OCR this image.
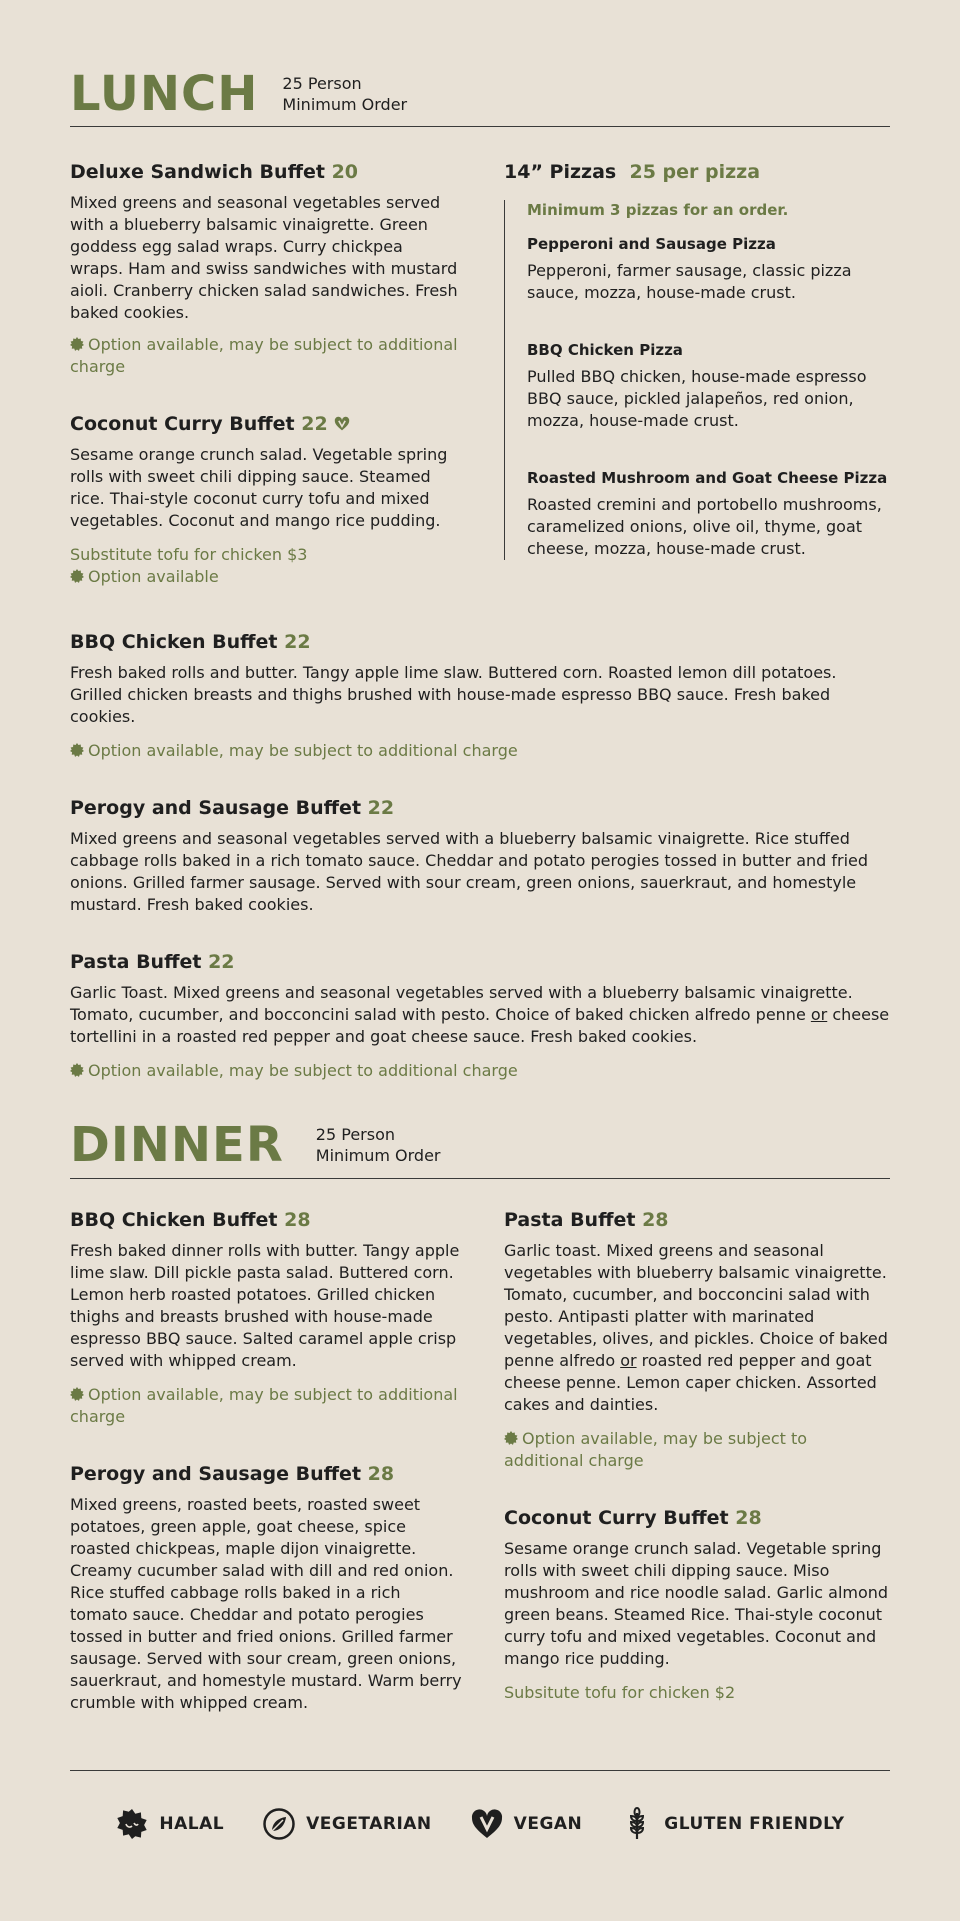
LUNCH 25 Person
Minimum Order
Deluxe Sandwich Buffet 20

Mixed greens and seasonal vegetables served with a blueberry balsamic vinaigrette. Green goddess egg salad wraps. Curry chickpea wraps. Ham and swiss sandwiches with mustard aioli. Cranberry chicken salad sandwiches. Fresh baked cookies.

Option available, may be subject to additional charge

Coconut Curry Buffet 22

Sesame orange crunch salad. Vegetable spring rolls with sweet chili dipping sauce. Steamed rice. Thai-style coconut curry tofu and mixed vegetables. Coconut and mango rice pudding.

Substitute tofu for chicken $3

Option available

14” Pizzas 25 per pizza

Minimum 3 pizzas for an order.

Pepperoni and Sausage Pizza

Pepperoni, farmer sausage, classic pizza sauce, mozza, house-made crust.

BBQ Chicken Pizza

Pulled BBQ chicken, house-made espresso BBQ sauce, pickled jalapeños, red onion, mozza, house-made crust.

Roasted Mushroom and Goat Cheese Pizza

Roasted cremini and portobello mushrooms, caramelized onions, olive oil, thyme, goat cheese, mozza, house-made crust.

BBQ Chicken Buffet 22

Fresh baked rolls and butter. Tangy apple lime slaw. Buttered corn. Roasted lemon dill potatoes. Grilled chicken breasts and thighs brushed with house-made espresso BBQ sauce. Fresh baked cookies.

Option available, may be subject to additional charge

Perogy and Sausage Buffet 22

Mixed greens and seasonal vegetables served with a blueberry balsamic vinaigrette. Rice stuffed cabbage rolls baked in a rich tomato sauce. Cheddar and potato perogies tossed in butter and fried onions. Grilled farmer sausage. Served with sour cream, green onions, sauerkraut, and homestyle mustard. Fresh baked cookies.

Pasta Buffet 22

Garlic Toast. Mixed greens and seasonal vegetables served with a blueberry balsamic vinaigrette. Tomato, cucumber, and bocconcini salad with pesto. Choice of baked chicken alfredo penne or cheese tortellini in a roasted red pepper and goat cheese sauce. Fresh baked cookies.

Option available, may be subject to additional charge

DINNER 25 Person
Minimum Order
BBQ Chicken Buffet 28

Fresh baked dinner rolls with butter. Tangy apple lime slaw. Dill pickle pasta salad. Buttered corn. Lemon herb roasted potatoes. Grilled chicken thighs and breasts brushed with house-made espresso BBQ sauce. Salted caramel apple crisp served with whipped cream.

Option available, may be subject to additional charge

Perogy and Sausage Buffet 28

Mixed greens, roasted beets, roasted sweet potatoes, green apple, goat cheese, spice roasted chickpeas, maple dijon vinaigrette. Creamy cucumber salad with dill and red onion. Rice stuffed cabbage rolls baked in a rich tomato sauce. Cheddar and potato perogies tossed in butter and fried onions. Grilled farmer sausage. Served with sour cream, green onions, sauerkraut, and homestyle mustard. Warm berry crumble with whipped cream.

Pasta Buffet 28

Garlic toast. Mixed greens and seasonal vegetables with blueberry balsamic vinaigrette. Tomato, cucumber, and bocconcini salad with pesto. Antipasti platter with marinated vegetables, olives, and pickles. Choice of baked penne alfredo or roasted red pepper and goat cheese penne. Lemon caper chicken. Assorted cakes and dainties.

Option available, may be subject to additional charge

Coconut Curry Buffet 28

Sesame orange crunch salad. Vegetable spring rolls with sweet chili dipping sauce. Miso mushroom and rice noodle salad. Garlic almond green beans. Steamed Rice. Thai-style coconut curry tofu and mixed vegetables. Coconut and mango rice pudding.

Subsitute tofu for chicken $2

HALAL	VEGETARIAN	VEGAN	GLUTEN FRIENDLY
